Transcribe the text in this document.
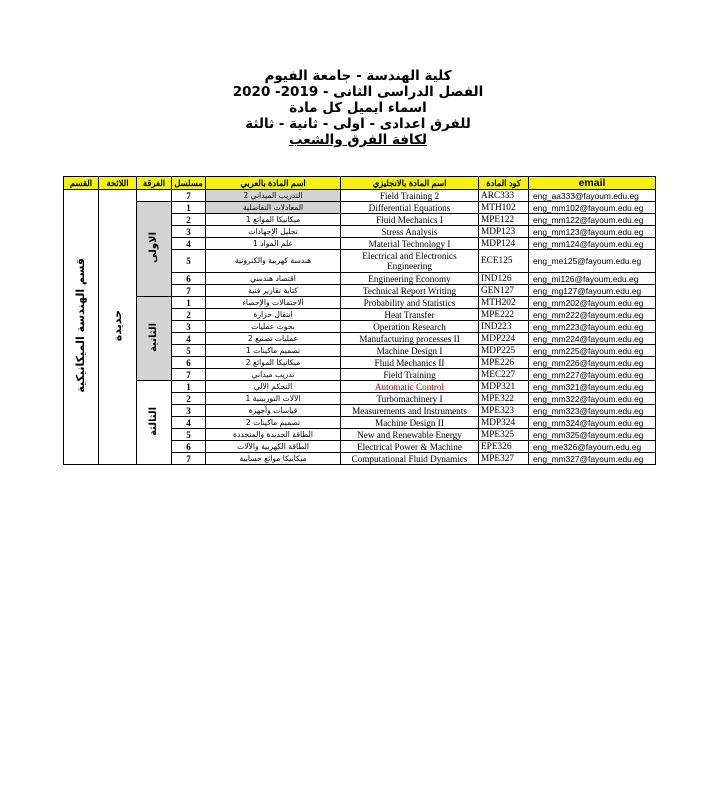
كلية الهندسة - جامعة الفيوم

الفصل الدراسى الثانى - 2019- 2020

اسماء ايميل كل مادة

للفرق اعدادى - اولى - ثانية - ثالثة

لكافة الفرق والشعب

القسم	اللائحة	الفرقة	مسلسل	اسم المادة بالعربي	اسم المادة بالانجليزي	كود المادة	email
قسم الهندسة الميكانيكية	جديدة		7	التدريب الميداني 2	Field Training 2	ARC333	eng_aa333@fayoum.edu.eg
		الاولى	1	المعادلات التفاضلية	Differential Equations	MTH102	eng_mm102@fayoum.edu.eg
			2	ميكانيكا الموائع 1	Fluid Mechanics I	MPE122	eng_mm122@fayoum.edu.eg
			3	تحليل الإجهادات	Stress Analysis	MDP123	eng_mm123@fayoum.edu.eg
			4	علم المواد 1	Material Technology I	MDP124	eng_mm124@fayoum.edu.eg
			5	هندسة كهربية والكترونية	Electrical and Electronics Engineering	ECE125	eng_me125@fayoum.edu.eg
			6	اقتصاد هندسي	Engineering Economy	IND126	eng_mi126@fayoum.edu.eg
			7	كتابة تقارير فنية	Technical Report Writing	GEN127	eng_mg127@fayoum.edu.eg
		الثانية	1	الاحتمالات والإحصاء	Probability and Statistics	MTH202	eng_mm202@fayoum.edu.eg
			2	انتقال حرارة	Heat Transfer	MPE222	eng_mm222@fayoum.edu.eg
			3	بحوث عمليات	Operation Research	IND223	eng_mm223@fayoum.edu.eg
			4	عمليات تصنيع 2	Manufacturing processes II	MDP224	eng_mm224@fayoum.edu.eg
			5	تصميم ماكينات 1	Machine Design I	MDP225	eng_mm225@fayoum.edu.eg
			6	ميكانيكا الموائع 2	Fluid Mechanics II	MPE226	eng_mm226@fayoum.edu.eg
			7	تدريب ميداني	Field Training	MEC227	eng_mm227@fayoum.edu.eg
		الثالثة	1	التحكم الآلي	Automatic Control	MDP321	eng_mm321@fayoum.edu.eg
			2	الآلات التوربينية 1	Turbomachinery I	MPE322	eng_mm322@fayoum.edu.eg
			3	قياسات وأجهزة	Measurements and Instruments	MPE323	eng_mm323@fayoum.edu.eg
			4	تصميم ماكينات 2	Machine Design II	MDP324	eng_mm324@fayoum.edu.eg
			5	الطاقة الجديدة والمتجددة	New and Renewable Energy	MPE325	eng_mm325@fayoum.edu.eg
			6	الطاقة الكهربية والآلات	Electrical Power & Machine	EPE326	eng_me326@fayoum.edu.eg
			7	ميكانيكا موائع حسابية	Computational Fluid Dynamics	MPE327	eng_mm327@fayoum.edu.eg
